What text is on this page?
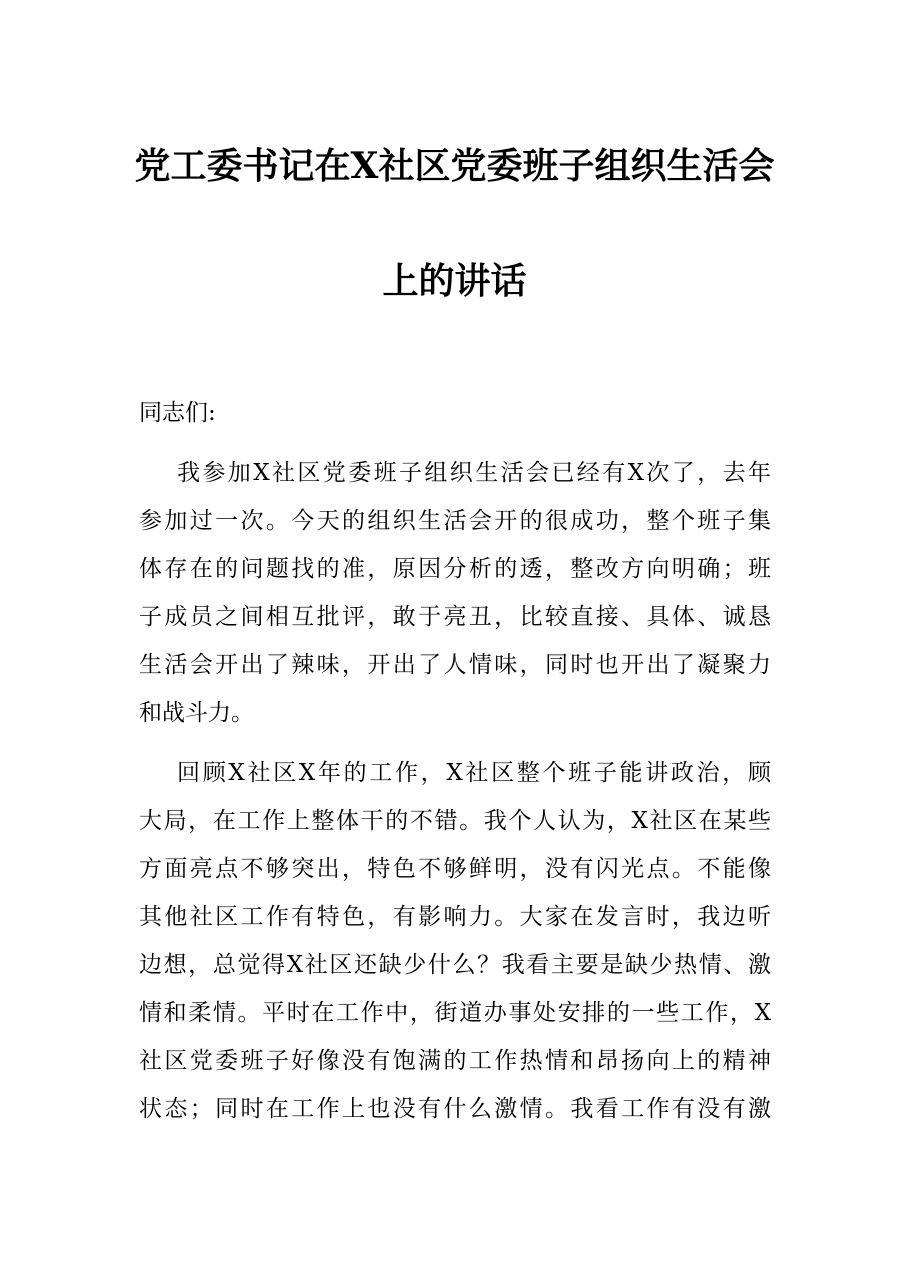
党工委书记在X社区党委班子组织生活会
上的讲话
同志们:
我参加X社区党委班子组织生活会已经有X次了，去年
参加过一次。今天的组织生活会开的很成功，整个班子集
体存在的问题找的准，原因分析的透，整改方向明确；班
子成员之间相互批评，敢于亮丑，比较直接、具体、诚恳
生活会开出了辣味，开出了人情味，同时也开出了凝聚力
和战斗力。
回顾X社区X年的工作，X社区整个班子能讲政治，顾
大局，在工作上整体干的不错。我个人认为，X社区在某些
方面亮点不够突出，特色不够鲜明，没有闪光点。不能像
其他社区工作有特色，有影响力。大家在发言时，我边听
边想，总觉得X社区还缺少什么？我看主要是缺少热情、激
情和柔情。平时在工作中，街道办事处安排的一些工作，X
社区党委班子好像没有饱满的工作热情和昂扬向上的精神
状态；同时在工作上也没有什么激情。我看工作有没有激
